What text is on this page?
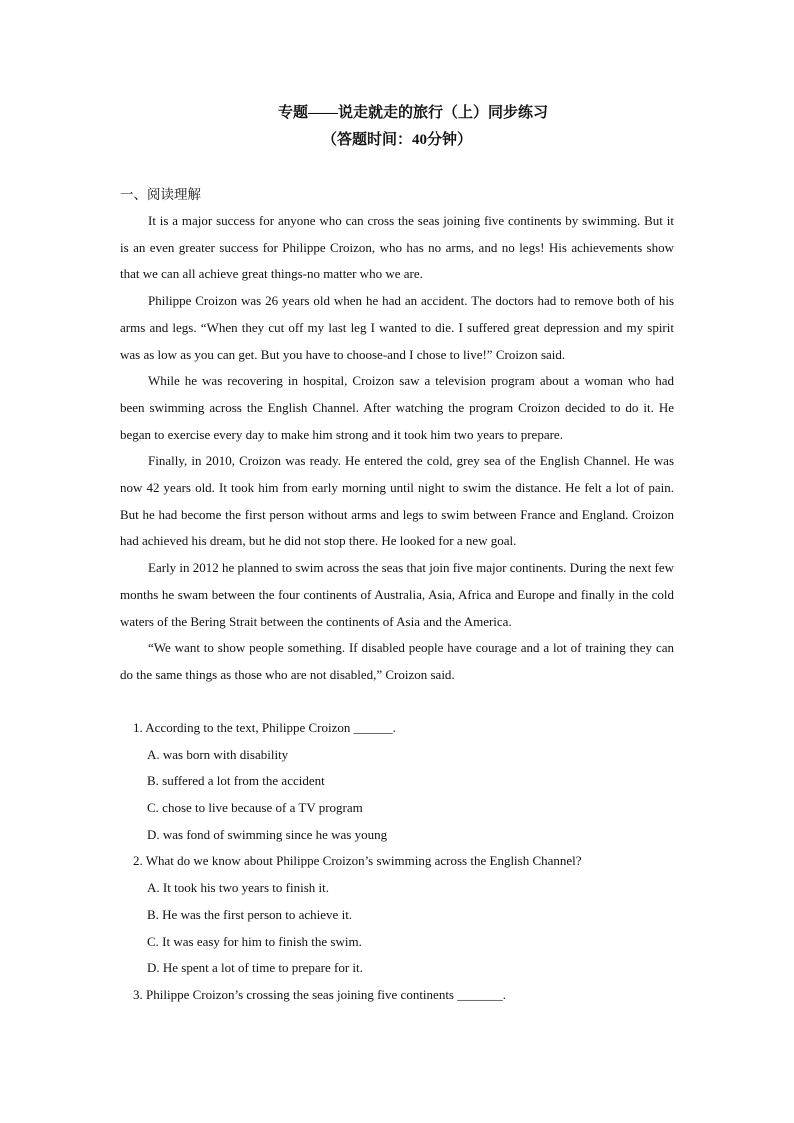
专题——说走就走的旅行（上）同步练习
（答题时间：40分钟）
一、阅读理解

It is a major success for anyone who can cross the seas joining five continents by swimming. But it is an even greater success for Philippe Croizon, who has no arms, and no legs! His achievements show that we can all achieve great things-no matter who we are.

Philippe Croizon was 26 years old when he had an accident. The doctors had to remove both of his arms and legs. “When they cut off my last leg I wanted to die. I suffered great depression and my spirit was as low as you can get. But you have to choose-and I chose to live!” Croizon said.

While he was recovering in hospital, Croizon saw a television program about a woman who had been swimming across the English Channel. After watching the program Croizon decided to do it. He began to exercise every day to make him strong and it took him two years to prepare.

Finally, in 2010, Croizon was ready. He entered the cold, grey sea of the English Channel. He was now 42 years old. It took him from early morning until night to swim the distance. He felt a lot of pain. But he had become the first person without arms and legs to swim between France and England. Croizon had achieved his dream, but he did not stop there. He looked for a new goal.

Early in 2012 he planned to swim across the seas that join five major continents. During the next few months he swam between the four continents of Australia, Asia, Africa and Europe and finally in the cold waters of the Bering Strait between the continents of Asia and the America.

“We want to show people something. If disabled people have courage and a lot of training they can do the same things as those who are not disabled,” Croizon said.

1. According to the text, Philippe Croizon ______.
A. was born with disability
B. suffered a lot from the accident
C. chose to live because of a TV program
D. was fond of swimming since he was young
2. What do we know about Philippe Croizon’s swimming across the English Channel?
A. It took his two years to finish it.
B. He was the first person to achieve it.
C. It was easy for him to finish the swim.
D. He spent a lot of time to prepare for it.
3. Philippe Croizon’s crossing the seas joining five continents _______.
